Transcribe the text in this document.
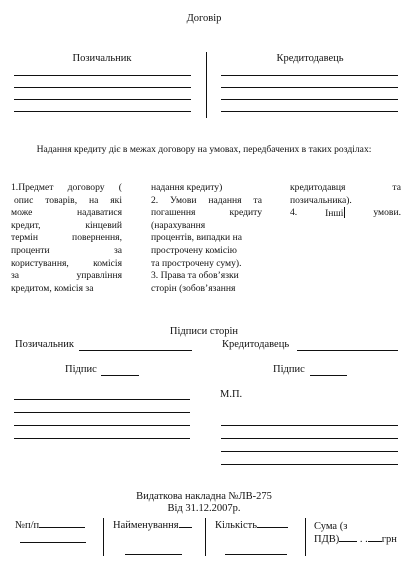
Договір
Позичальник	Кредитодавець
Надання кредиту діє в межах договору на умовах, передбачених в таких розділах:
1.Предмет договору (
опис товарів, на які
може надаватися
кредит, кінцевий
термін повернення,
проценти за
користування, комісія
за управління
кредитом, комісія за
надання кредиту)
2. Умови надання та
погашення кредиту
(нарахування
процентів, випадки на
прострочену комісію
та прострочену суму).
3. Права та обов’язки
сторін (зобов’язання
кредитодавця	та
позичальника).
4.	Інші	умови.
Підписи сторін
Позичальник	Кредитодавець
Підпис	Підпис
М.П.
Видаткова накладна №ЛВ-275
Від 31.12.2007р.
№п/п	Найменування	Кількість	Сума (з
ПДВ) . . грн
